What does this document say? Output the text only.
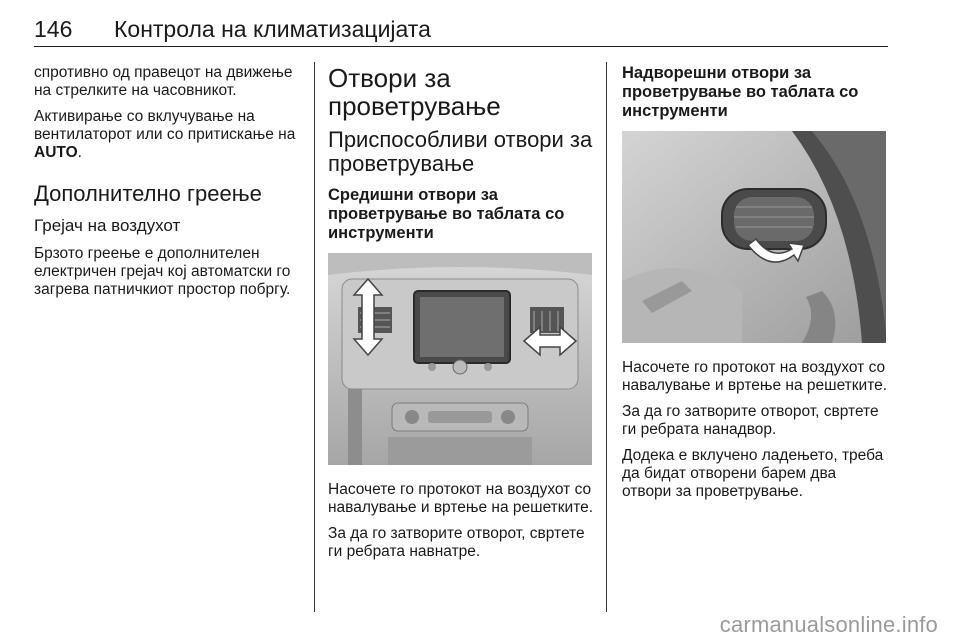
146 Контрола на климатизацијата

спротивно од правецот на движење на стрелките на часовникот.

Активирање со вклучување на вентилаторот или со притискање на AUTO.

Дополнително греење
Грејач на воздухот

Брзото греење е дополнителен електричен грејач кој автоматски го загрева патничкиот простор побргу.

Отвори за проветрување
Приспособливи отвори за проветрување
Средишни отвори за проветрување во таблата со инструменти

Насочете го протокот на воздухот со навалување и вртење на решетките.

За да го затворите отворот, свртете ги ребрата навнатре.

Надворешни отвори за проветрување во таблата со инструменти

Насочете го протокот на воздухот со навалување и вртење на решетките.

За да го затворите отворот, свртете ги ребрата нанадвор.

Додека е вклучено ладењето, треба да бидат отворени барем два отвори за проветрување.

carmanualsonline.info
